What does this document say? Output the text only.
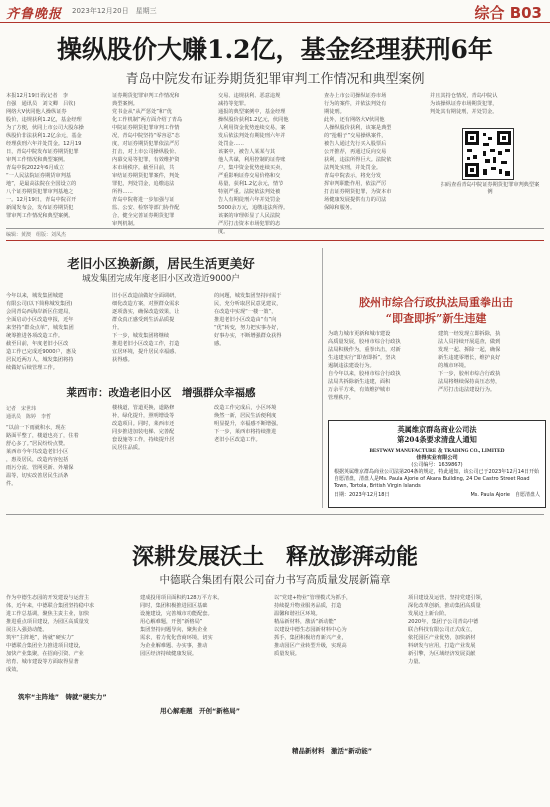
齐鲁晚报 2023年12月20日　星期三	综合 B03
操纵股价大赚1.2亿，基金经理获刑6年
青岛中院发布证券期货犯罪审判工作情况和典型案例
本报12月19日讯(记者　李
自强　通讯员　刘文卿　吕钦)
网络大V伙同他人操纵证券
股价，违规获利1.2亿，基金经理
为了方便，伙同上市公司大股东操
纵股价非法获利1.2亿余元，基金
经理获刑六年并处罚金。12月19
日，青岛中院发布证券期货犯罪
审判工作情况和典型案例。
青岛中院2022年6月成立
“一人民法院证券期货审判基
地”，是最高法院在全国设立的
八个证券期货犯罪审判基地之
一。12月19日，青岛中院召开
新闻发布会，发布证券期货犯
罪审判工作情况和典型案例。
证券期货犯罪审判工作情况和
典型案例。
党书金从“从严惩处”和“优
化工作机制”两方面介绍了青岛
中院证券期货犯罪审判工作情
况，青岛中院坚持“零容忍”态
度，对证券期货犯罪依法严厉
打击，对上市公司操纵股价、
内幕交易等犯罪，有效维护资
本市场秩序。截至目前，共
审结证券期货犯罪案件，判处
罪犯，判处罚金，追缴违法
所得……
青岛中院将进一步加强与证
监、公安、检察等部门协作配
合，健全完善证券期货犯罪
审判机制。
交易、违规获利、恶意违规
减持等犯罪。
通报的典型案例中，基金经理
操纵股价获利1.2亿元，伙同他
人利用资金优势连续交易，案
发后依法判处有期徒刑六年并
处罚金……
该案中，被告人某某与其
他人共谋，利用控制的证券账
户，集中资金优势连续买卖，
严重影响证券交易价格和交
易量，获利1.2亿余元，情节
特别严重。法院依法判处被
告人有期徒刑六年并处罚金
5000余万元，追缴违法所得。
该案的审理彰显了人民法院
严厉打击资本市场犯罪的态
度。
查办上市公司操纵证券市场
行为的案件，并依法判处有
期徒刑。
此外，还有网络大V伙同他
人操纵股价获利，该案是典型
的“抢帽子”交易操纵案件，
被告人通过先行买入股票后
公开推荐，再通过反向交易
获利，违法所得巨大。法院依
法判处实刑，并处罚金。
青岛中院表示，将充分发
挥审判职能作用，依法严厉
打击证券期货犯罪，为资本市
场健康发展提供有力的司法
保障和服务。
并且其持仓情况，青岛中院认
为该操纵证券市场期货犯罪，
判处其有期徒刑，并处罚金。
扫码查看青岛中院证券期货犯罪审判典型案例
编辑：黄澳　组版：刘凤杰
老旧小区换新颜，居民生活更美好
城发集团完成年度老旧小区改造近9000户
今年以来，城发集团城建
有限公司(以下简称城发集团)
会同青岛西海岸新区住建局，
全面启动小区改造申报，近年
来坚持“群众点单”，城发集团
统筹推进各项改造工作。
截至目前，年度老旧小区改
造工作已完成近9000户，惠及
居民近两万人，城发集团将持
续做好后续管理工作。
旧小区改造前做好全面调研，
细化改造方案，对照群众需求
逐项落实，确保改造效果，让
群众真正感受到生活品质提
升。
下一步，城发集团将继续
推进老旧小区改造工作，打造
宜居环境，提升居民幸福感、
获得感。
的问题，城发集团坚持问需于
民，充分听取居民意见建议，
在改造中实现“一楼一策”，
推进老旧小区改造由“有”向
“优”转变，努力把实事办好，
好事办实，不断增强群众获得
感。
莱西市：改造老旧小区　增强群众幸福感
记者　宋世玮
通讯员　陈婷　李哲
“以前一下雨就积水，现在
路面平整了，楼道也亮了，住着
舒心多了。”居民纷纷点赞。
莱西市今年共改造老旧小区
，惠及居民，改造内容包括
雨污分流、管网更新、外墙保
温等，切实改善居民生活条
件。
楼栈道，管道更换，道路修
补，绿化提升，照明增设等
改造项目。同时，莱西市还
同步推进加装电梯、完善配
套设施等工作，持续提升居
民居住品质。
改造工作完成后，小区环境
焕然一新，居民生活便利度
明显提升，幸福感不断增强。
下一步，莱西市将持续推进
老旧小区改造工作。
胶州市综合行政执法局重拳出击
“即查即拆”新生违建
为助力城市更新和城市建设
高质量发展，胶州市综合行政执
法局积极作为，重拳出击，对新
生违建实行“即查即拆”，坚决
遏制违法建设行为。
自今年以来，胶州市综合行政执
法局共拆除新生违建，面积
万余平方米，有效维护城市
管理秩序。
建筑一经发现立即拆除，执
法人员持续开展巡查，做到
发现一起、拆除一起，确保
新生违建零增长，维护良好
的城市环境。
下一步，胶州市综合行政执
法局将继续保持高压态势，
严厉打击违法建设行为。
英属维京群岛商业公司法
第204条要求清盘人通知
BESTWAY MANUFACTURE ＆ TRADING CO., LIMITED
佳得实业有限公司
(公司编号：1639867)
根据英属维京群岛商业公司法第204条的规定，特此通知，该公司已于2023年12月14日开始自愿清盘，清盘人是Ms. Paula Ajorie of Akara Building, 24 De Castro Street Road Town, Tortola, British Virgin Islands
日期：2023年12月18日	Ms. Paula Ajorie　自愿清盘人
深耕发展沃土　释放澎湃动能
中德联合集团有限公司奋力书写高质量发展新篇章
作为中德生态园的开发建设与运营主
体，近年来，中德联合集团坚持稳中求
进工作总基调，聚焦主责主业，加快
推进重点项目建设，为园区高质量发
展注入强劲动能。
筑牢“主阵地”，铸就“硬实力”
中德联合集团全力推进项目建设，
加快产业集聚，在招商引资、产业
培育、城市建设等方面取得显著
成效。
建成投用项目面积约128万平方米。
同时，集团积极推进园区基础
设施建设，完善城市功能配套。
用心解难题，开创“新格局”
集团坚持问题导向，聚焦企业
需求，着力优化营商环境，切实
为企业解难题、办实事，推动
园区经济持续健康发展。
以“党建+物业”管理模式为抓手，
持续提升物业服务品质，打造
温馨和谐社区环境。
精品新材料，激活“新动能”
以建设中德生态园新材料中心为
抓手，集团积极培育新兴产业，
推动园区产业转型升级，实现高
质量发展。
项目建设及运营，坚持党建引领，
深化改革创新，推动集团高质量
发展迈上新台阶。
2020年，集团子公司青岛中德
联合科技有限公司正式成立，
依托园区产业优势，加快新材
料研发与应用，打造产业发展
新引擎，为区域经济发展贡献
力量。
筑牢“主阵地”　铸就“硬实力”
用心解难题　开创“新格局”
精品新材料　激活“新动能”
